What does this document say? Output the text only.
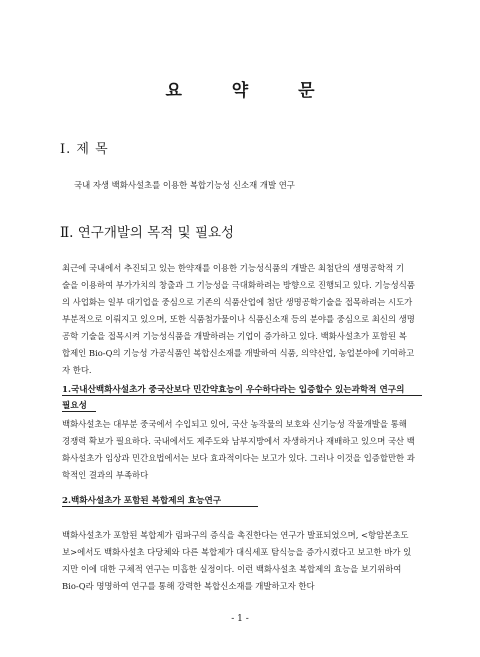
요 약 문
Ⅰ. 제 목
국내 자생 백화사설초를 이용한 복합기능성 신소재 개발 연구
Ⅱ. 연구개발의 목적 및 필요성
최근에 국내에서 추진되고 있는 한약재를 이용한 기능성식품의 개발은 최첨단의 생명공학적 기
술을 이용하여 부가가치의 창출과 그 기능성을 극대화하려는 방향으로 진행되고 있다. 기능성식품
의 사업화는 일부 대기업을 중심으로 기존의 식품산업에 첨단 생명공학기술을 접목하려는 시도가
부분적으로 이뤄지고 있으며, 또한 식품첨가물이나 식품신소재 등의 분야를 중심으로 최신의 생명
공학 기술을 접목시켜 기능성식품을 개발하려는 기업이 증가하고 있다. 백화사설초가 포함된 복
합제인 Bio-Q의 기능성 가공식품인 복합신소재를 개발하여 식품, 의약산업, 농업분야에 기여하고
자 한다.
1.국내산백화사설초가 중국산보다 민간약효능이 우수하다라는 입증할수 있는과학적 연구의
필요성
백화사설초는 대부분 중국에서 수입되고 있어, 국산 농작물의 보호와 신기능성 작물개발을 통해
경쟁력 확보가 필요하다. 국내에서도 제주도와 남부지방에서 자생하거나 재배하고 있으며 국산 백
화사설초가 임상과 민간요법에서는 보다 효과적이다는 보고가 있다. 그러나 이것을 입증할만한 과
학적인 결과의 부족하다
2.백화사설초가 포함된 복합제의 효능연구
백화사설초가 포함된 복합제가 림파구의 증식을 촉진한다는 연구가 발표되었으며, <항암본초도
보>에서도 백화사설초 다당체와 다른 복합제가 대식세포 탐식능을 증가시켰다고 보고한 바가 있
지만 이에 대한 구체적 연구는 미흡한 실정이다. 이런 백화사설초 복합제의 효능을 보기위하여
Bio-Q라 명명하여 연구를 통해 강력한 복합신소재를 개발하고자 한다
- 1 -
